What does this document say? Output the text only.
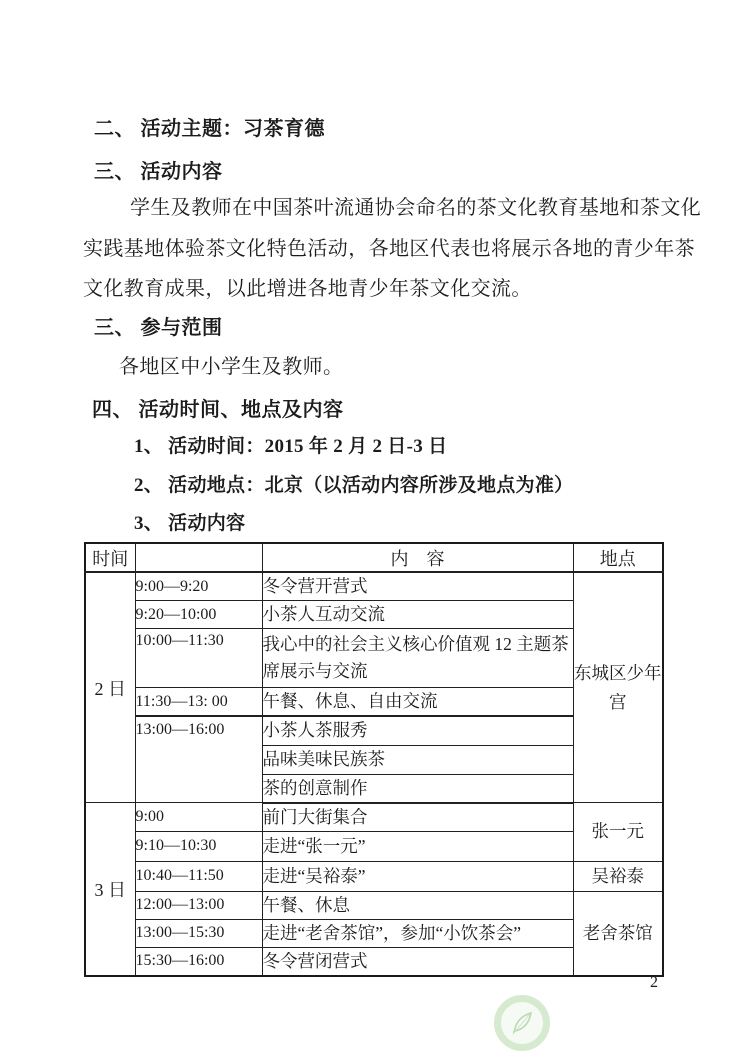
二、 活动主题：习茶育德
三、 活动内容
学生及教师在中国茶叶流通协会命名的茶文化教育基地和茶文化
实践基地体验茶文化特色活动，各地区代表也将展示各地的青少年茶
文化教育成果，以此增进各地青少年茶文化交流。
三、 参与范围
各地区中小学生及教师。
四、 活动时间、地点及内容
1、 活动时间：2015 年 2 月 2 日-3 日
2、 活动地点：北京（以活动内容所涉及地点为准）
3、 活动内容
时间		内　容	地点
2 日	9:00—9:20	冬令营开营式	东城区少年宫
	9:20—10:00	小茶人互动交流	
	10:00—11:30	我心中的社会主义核心价值观 12 主题茶席展示与交流	
	11:30—13: 00	午餐、休息、自由交流	
	13:00—16:00	小茶人茶服秀	
		品味美味民族茶	
		茶的创意制作	
3 日	9:00	前门大街集合	张一元
	9:10—10:30	走进“张一元”	
	10:40—11:50	走进“吴裕泰”	吴裕泰
	12:00—13:00	午餐、休息	老舍茶馆
	13:00—15:30	走进“老舍茶馆”，参加“小饮茶会”	
	15:30—16:00	冬令营闭营式	
2
